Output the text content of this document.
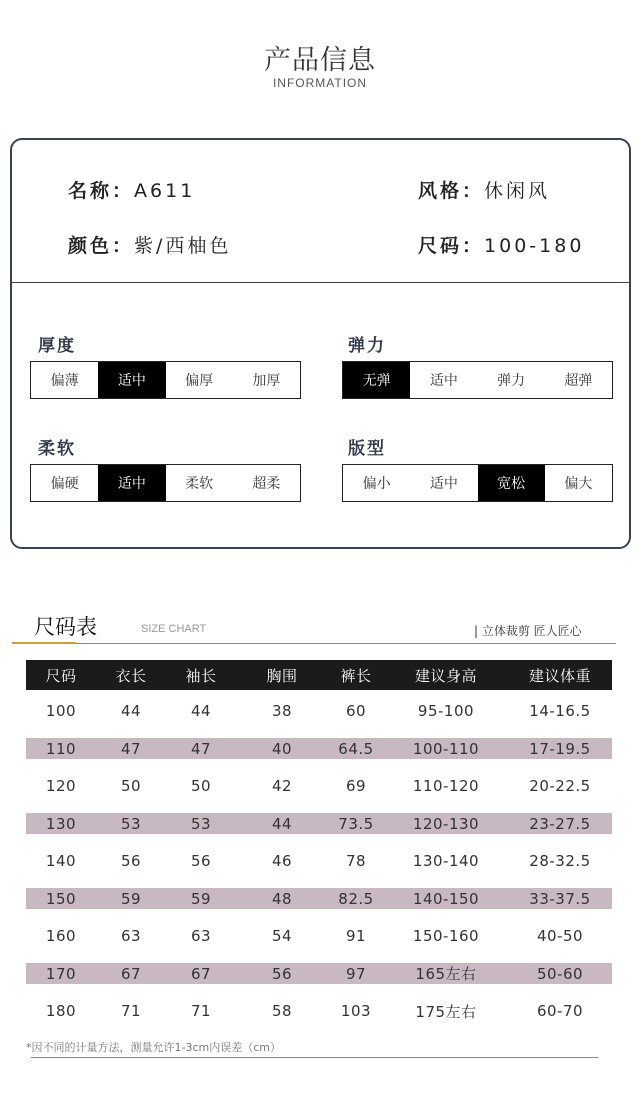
产品信息
INFORMATION
名称：A611	风格：休闲风
颜色：紫/西柚色	尺码：100-180
厚度
偏薄	适中	偏厚	加厚
弹力
无弹	适中	弹力	超弹
柔软
偏硬	适中	柔软	超柔
版型
偏小	适中	宽松	偏大
尺码表	SIZE CHART	| 立体裁剪 匠人匠心
尺码	衣长	袖长	胸围	裤长	建议身高	建议体重
100	44	44	38	60	95-100	14-16.5
110	47	47	40	64.5	100-110	17-19.5
120	50	50	42	69	110-120	20-22.5
130	53	53	44	73.5	120-130	23-27.5
140	56	56	46	78	130-140	28-32.5
150	59	59	48	82.5	140-150	33-37.5
160	63	63	54	91	150-160	40-50
170	67	67	56	97	165左右	50-60
180	71	71	58	103	175左右	60-70
*因不同的计量方法，测量允许1-3cm内误差（cm）
